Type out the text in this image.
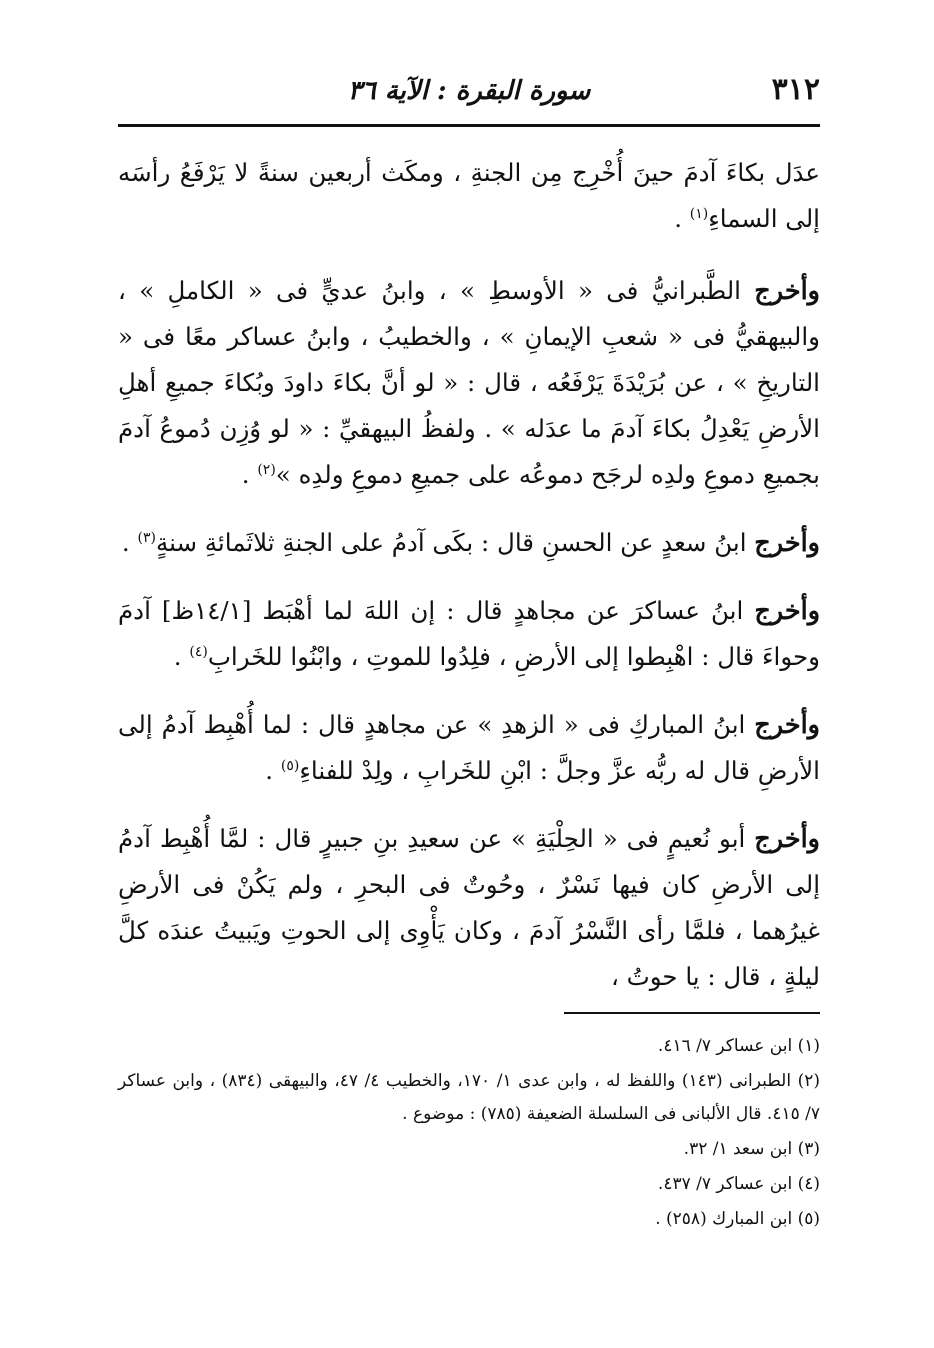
٣١٢
سورة البقرة : الآية ٣٦

عدَل بكاءَ آدمَ حينَ أُخْرِج مِن الجنةِ ، ومكَث أربعين سنةً لا يَرْفَعُ رأسَه إلى السماءِ$^{(١)}$ .

وأخرج الطَّبرانيُّ فى « الأوسطِ » ، وابنُ عديٍّ فى « الكاملِ » ، والبيهقيُّ فى « شعبِ الإيمانِ » ، والخطيبُ ، وابنُ عساكر معًا فى « التاريخِ » ، عن بُرَيْدَةَ يَرْفَعُه ، قال : « لو أنَّ بكاءَ داودَ وبُكاءَ جميعِ أهلِ الأرضِ يَعْدِلُ بكاءَ آدمَ ما عدَله » . ولفظُ البيهقيِّ : « لو وُزِن دُموعُ آدمَ بجميعِ دموعِ ولدِه لرجَح دموعُه على جميعِ دموعِ ولدِه »$^{(٢)}$ .

وأخرج ابنُ سعدٍ عن الحسنِ قال : بكَى آدمُ على الجنةِ ثلاثَمائةِ سنةٍ$^{(٣)}$ .

وأخرج ابنُ عساكرَ عن مجاهدٍ قال : إن اللهَ لما أهْبَط [١٤/١ظ] آدمَ وحواءَ قال : اهْبِطوا إلى الأرضِ ، فلِدُوا للموتِ ، وابْنُوا للخَرابِ$^{(٤)}$ .

وأخرج ابنُ المباركِ فى « الزهدِ » عن مجاهدٍ قال : لما أُهْبِط آدمُ إلى الأرضِ قال له ربُّه عزَّ وجلَّ : ابْنِ للخَرابِ ، ولِدْ للفناءِ$^{(٥)}$ .

وأخرج أبو نُعيمٍ فى « الحِلْيَةِ » عن سعيدِ بنِ جبيرٍ قال : لمَّا أُهْبِط آدمُ إلى الأرضِ كان فيها نَسْرٌ ، وحُوتٌ فى البحرِ ، ولم يَكُنْ فى الأرضِ غيرُهما ، فلمَّا رأى النَّسْرُ آدمَ ، وكان يَأْوِى إلى الحوتِ ويَبيتُ عندَه كلَّ ليلةٍ ، قال : يا حوتُ ،

(١) ابن عساكر ٧/ ٤١٦.

(٢) الطبرانى (١٤٣) واللفظ له ، وابن عدى ١/ ١٧٠، والخطيب ٤/ ٤٧، والبيهقى (٨٣٤) ، وابن عساكر ٧/ ٤١٥. قال الألبانى فى السلسلة الضعيفة (٧٨٥) : موضوع .

(٣) ابن سعد ١/ ٣٢.

(٤) ابن عساكر ٧/ ٤٣٧.

(٥) ابن المبارك (٢٥٨) .
